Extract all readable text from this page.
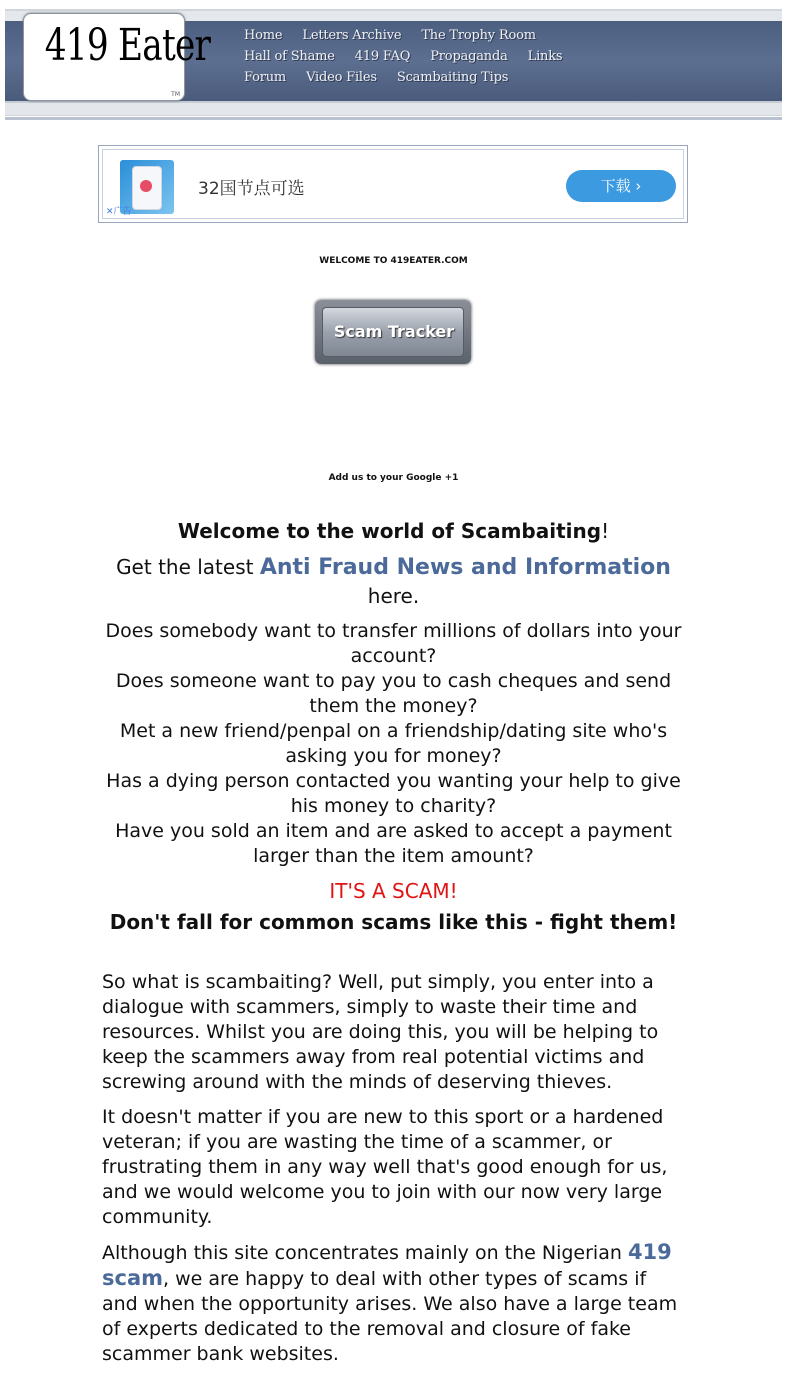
419 Eater
TM
Home Letters Archive The Trophy Room
Hall of Shame 419 FAQ Propaganda Links
Forum Video Files Scambaiting Tips
32国节点可选	下载 ›
✕广告
WELCOME TO 419EATER.COM
Scam Tracker
Add us to your Google +1

Welcome to the world of Scambaiting!

Get the latest Anti Fraud News and Information here.

Does somebody want to transfer millions of dollars into your account?
Does someone want to pay you to cash cheques and send them the money?
Met a new friend/penpal on a friendship/dating site who's asking you for money?
Has a dying person contacted you wanting your help to give his money to charity?
Have you sold an item and are asked to accept a payment larger than the item amount?

IT'S A SCAM!

Don't fall for common scams like this - fight them!

So what is scambaiting? Well, put simply, you enter into a dialogue with scammers, simply to waste their time and resources. Whilst you are doing this, you will be helping to keep the scammers away from real potential victims and screwing around with the minds of deserving thieves.

It doesn't matter if you are new to this sport or a hardened veteran; if you are wasting the time of a scammer, or frustrating them in any way well that's good enough for us, and we would welcome you to join with our now very large community.

Although this site concentrates mainly on the Nigerian 419 scam, we are happy to deal with other types of scams if and when the opportunity arises. We also have a large team of experts dedicated to the removal and closure of fake scammer bank websites.
